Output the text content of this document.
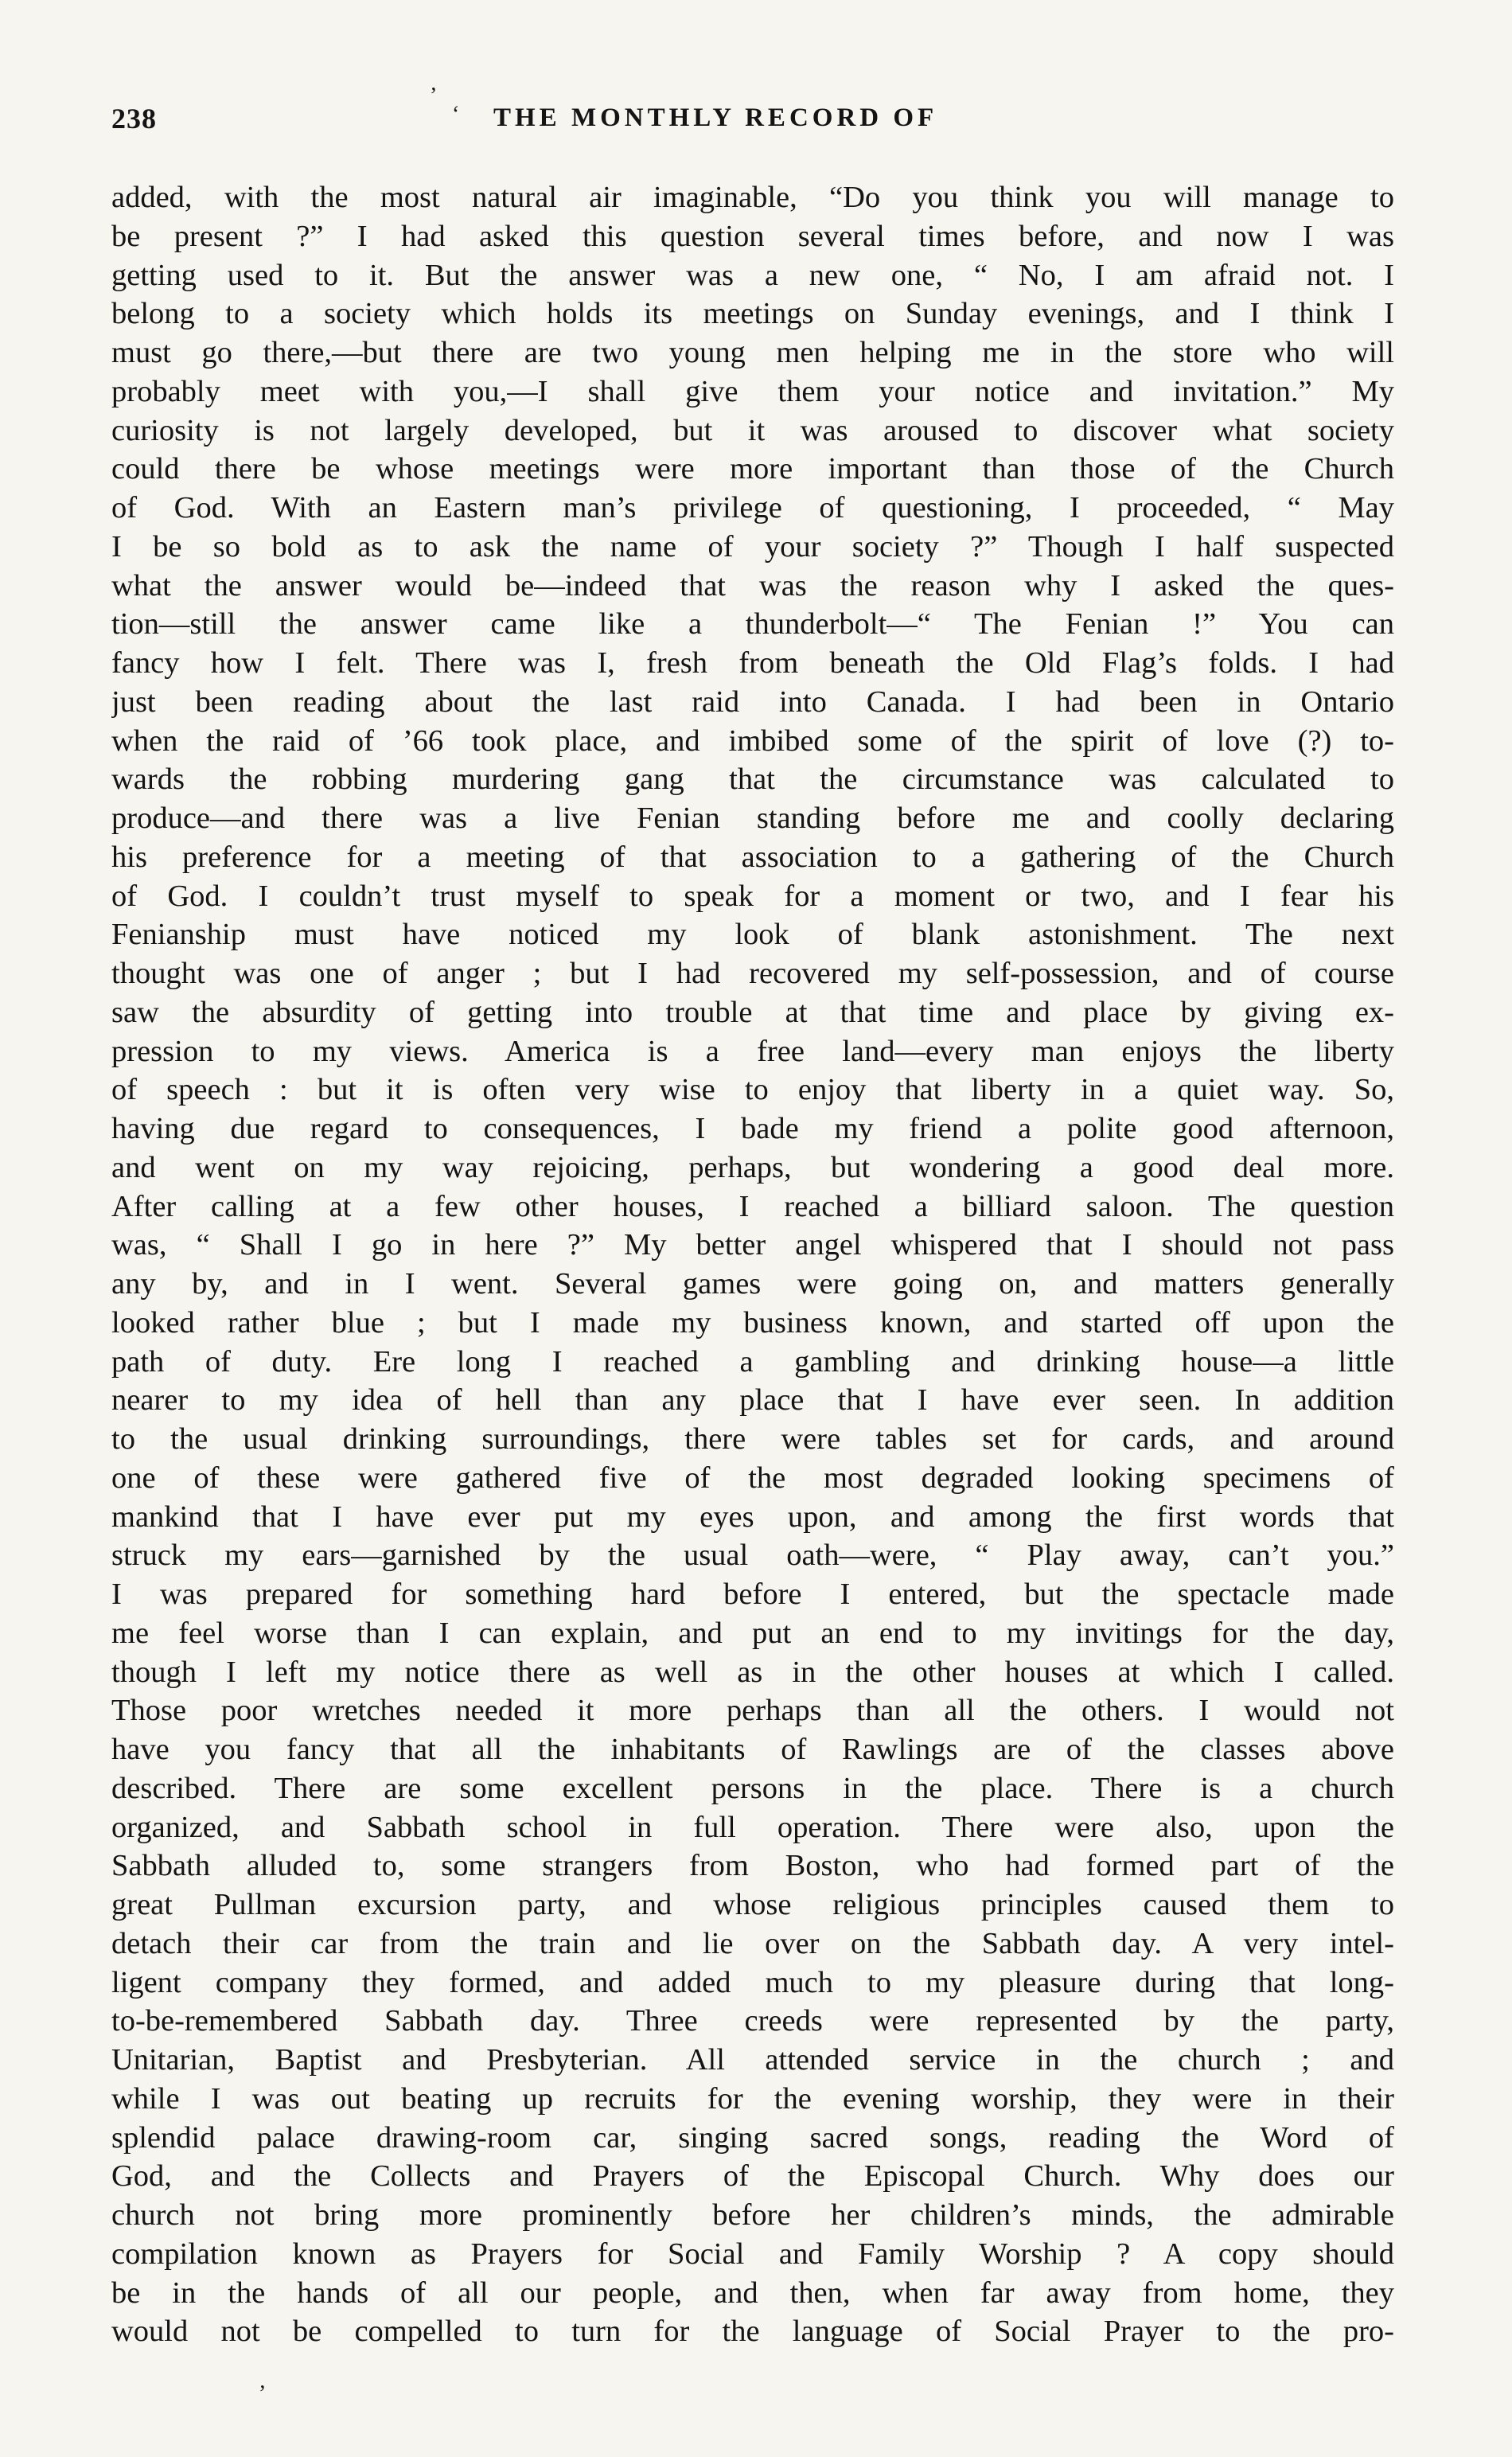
’
238	‘ THE MONTHLY RECORD OF
added, with the most natural air imaginable, “Do you think you will manage to
be present ?” I had asked this question several times before, and now I was
getting used to it. But the answer was a new one, “ No, I am afraid not. I
belong to a society which holds its meetings on Sunday evenings, and I think I
must go there,—but there are two young men helping me in the store who will
probably meet with you,—I shall give them your notice and invitation.” My
curiosity is not largely developed, but it was aroused to discover what society
could there be whose meetings were more important than those of the Church
of God. With an Eastern man’s privilege of questioning, I proceeded, “ May
I be so bold as to ask the name of your society ?” Though I half suspected
what the answer would be—indeed that was the reason why I asked the ques-
tion—still the answer came like a thunderbolt—“ The Fenian !” You can
fancy how I felt. There was I, fresh from beneath the Old Flag’s folds. I had
just been reading about the last raid into Canada. I had been in Ontario
when the raid of ’66 took place, and imbibed some of the spirit of love (?) to-
wards the robbing murdering gang that the circumstance was calculated to
produce—and there was a live Fenian standing before me and coolly declaring
his preference for a meeting of that association to a gathering of the Church
of God. I couldn’t trust myself to speak for a moment or two, and I fear his
Fenianship must have noticed my look of blank astonishment. The next
thought was one of anger ; but I had recovered my self-possession, and of course
saw the absurdity of getting into trouble at that time and place by giving ex-
pression to my views. America is a free land—every man enjoys the liberty
of speech : but it is often very wise to enjoy that liberty in a quiet way. So,
having due regard to consequences, I bade my friend a polite good afternoon,
and went on my way rejoicing, perhaps, but wondering a good deal more.
After calling at a few other houses, I reached a billiard saloon. The question
was, “ Shall I go in here ?” My better angel whispered that I should not pass
any by, and in I went. Several games were going on, and matters generally
looked rather blue ; but I made my business known, and started off upon the
path of duty. Ere long I reached a gambling and drinking house—a little
nearer to my idea of hell than any place that I have ever seen. In addition
to the usual drinking surroundings, there were tables set for cards, and around
one of these were gathered five of the most degraded looking specimens of
mankind that I have ever put my eyes upon, and among the first words that
struck my ears—garnished by the usual oath—were, “ Play away, can’t you.”
I was prepared for something hard before I entered, but the spectacle made
me feel worse than I can explain, and put an end to my invitings for the day,
though I left my notice there as well as in the other houses at which I called.
Those poor wretches needed it more perhaps than all the others. I would not
have you fancy that all the inhabitants of Rawlings are of the classes above
described. There are some excellent persons in the place. There is a church
organized, and Sabbath school in full operation. There were also, upon the
Sabbath alluded to, some strangers from Boston, who had formed part of the
great Pullman excursion party, and whose religious principles caused them to
detach their car from the train and lie over on the Sabbath day. A very intel-
ligent company they formed, and added much to my pleasure during that long-
to-be-remembered Sabbath day. Three creeds were represented by the party,
Unitarian, Baptist and Presbyterian. All attended service in the church ; and
while I was out beating up recruits for the evening worship, they were in their
splendid palace drawing-room car, singing sacred songs, reading the Word of
God, and the Collects and Prayers of the Episcopal Church. Why does our
church not bring more prominently before her children’s minds, the admirable
compilation known as Prayers for Social and Family Worship ? A copy should
be in the hands of all our people, and then, when far away from home, they
would not be compelled to turn for the language of Social Prayer to the pro-
’
